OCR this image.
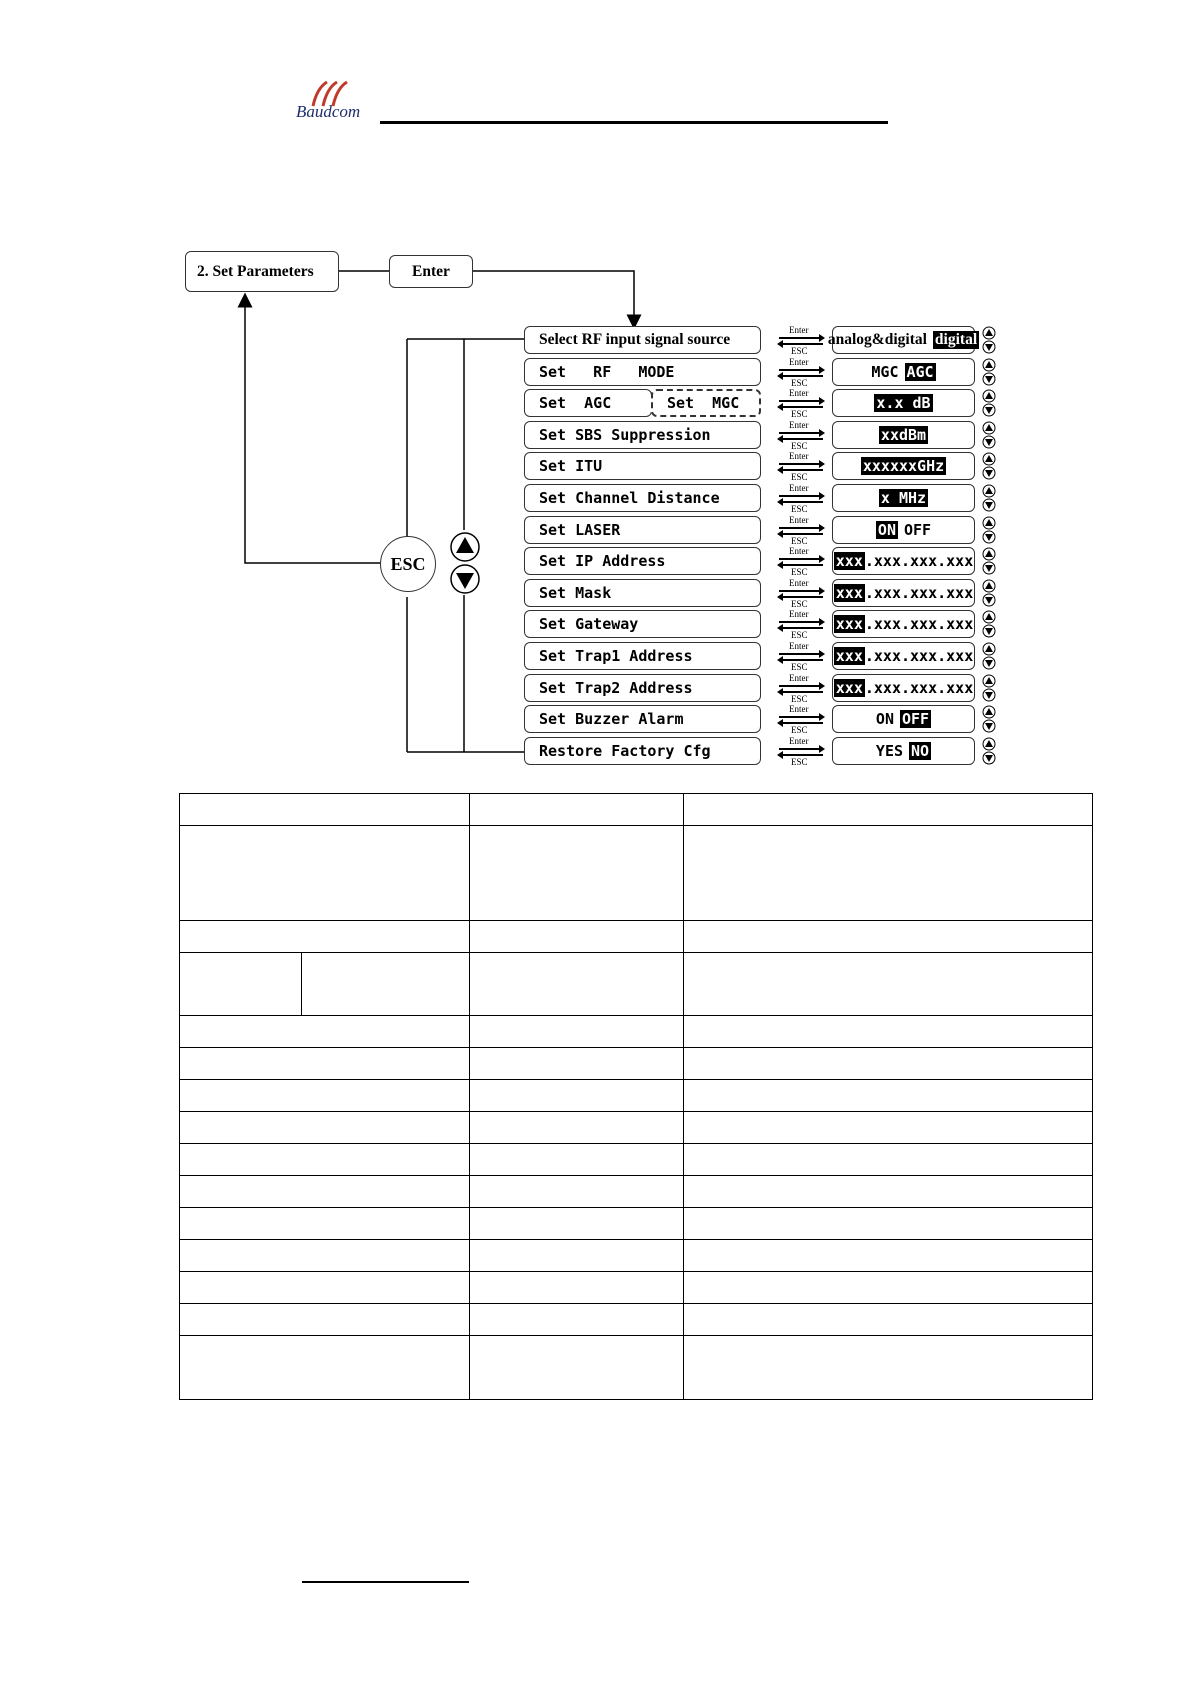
Baudcom
2. Set Parameters	Enter
ESC
Select RF input signal source
Enter
ESC
analog&digital digital
Set   RF   MODE
Enter
ESC
MGC AGC
Set  AGC	Set  MGC
Enter
ESC
x.x dB
Set SBS Suppression
Enter
ESC
xxdBm
Set ITU
Enter
ESC
xxxxxxGHz
Set Channel Distance
Enter
ESC
x MHz
Set LASER
Enter
ESC
ON OFF
Set IP Address
Enter
ESC
xxx .xxx.xxx.xxx
Set Mask
Enter
ESC
xxx .xxx.xxx.xxx
Set Gateway
Enter
ESC
xxx .xxx.xxx.xxx
Set Trap1 Address
Enter
ESC
xxx .xxx.xxx.xxx
Set Trap2 Address
Enter
ESC
xxx .xxx.xxx.xxx
Set Buzzer Alarm
Enter
ESC
ON OFF
Restore Factory Cfg
Enter
ESC
YES NO
